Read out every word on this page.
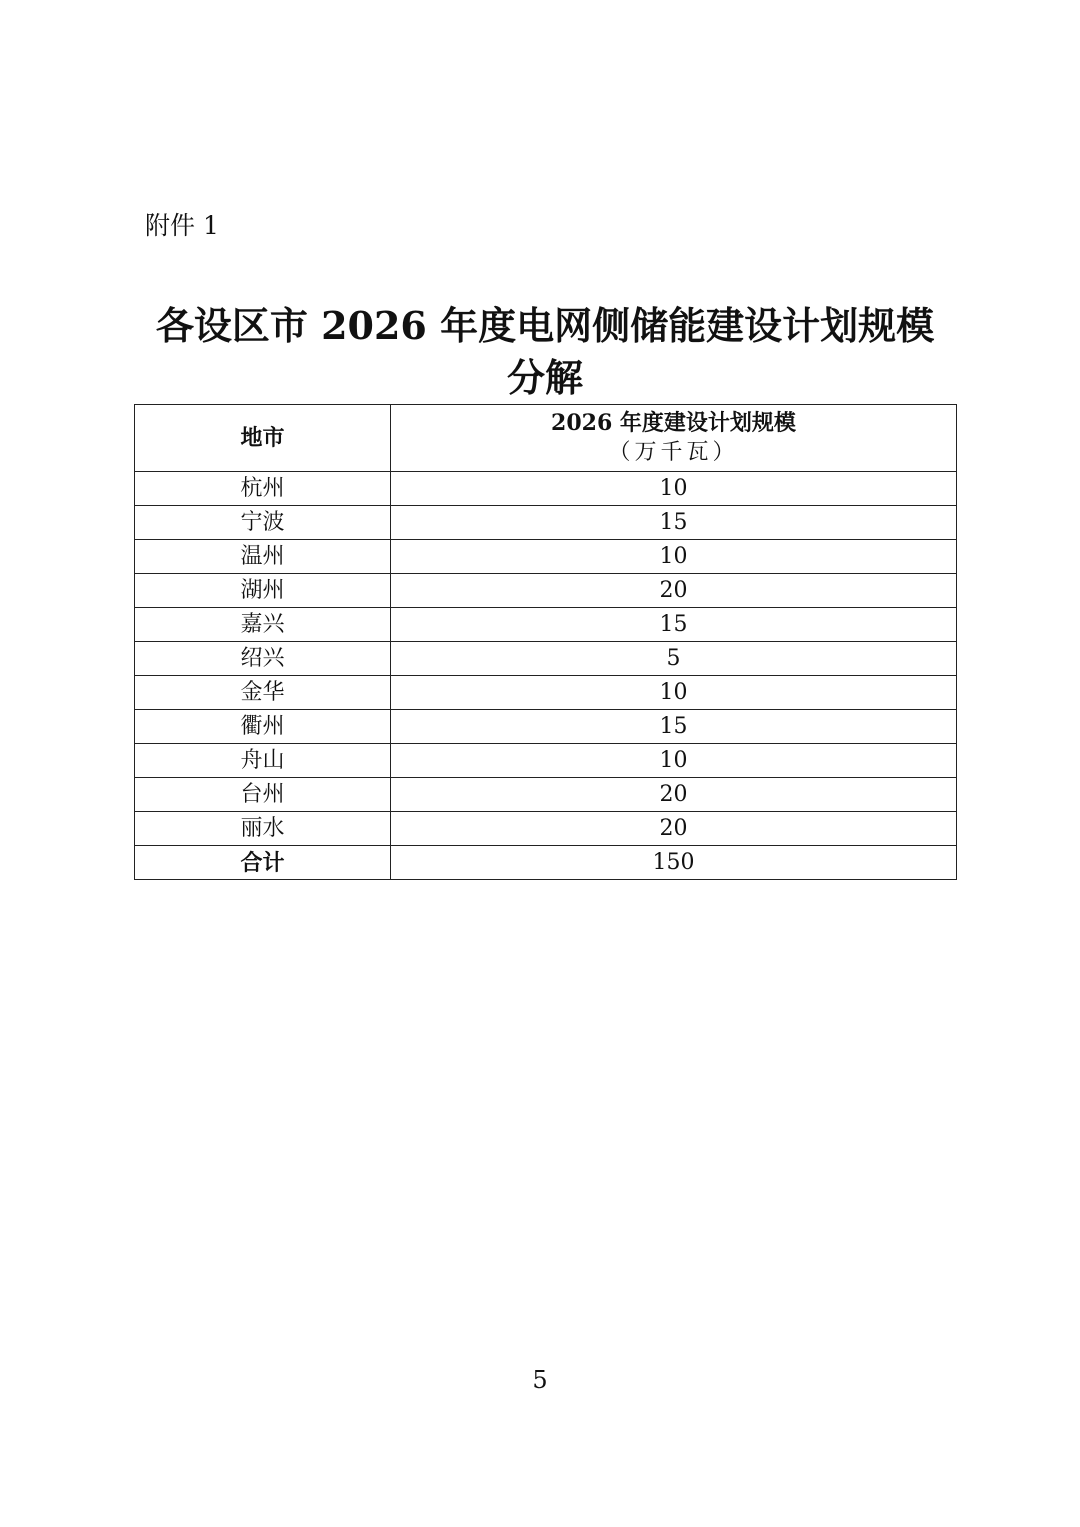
附件 1
各设区市 2026 年度电网侧储能建设计划规模
分解
地市	2026 年度建设计划规模
（万千瓦）

杭州	10
宁波	15
温州	10
湖州	20
嘉兴	15
绍兴	5
金华	10
衢州	15
舟山	10
台州	20
丽水	20
合计	150
5
